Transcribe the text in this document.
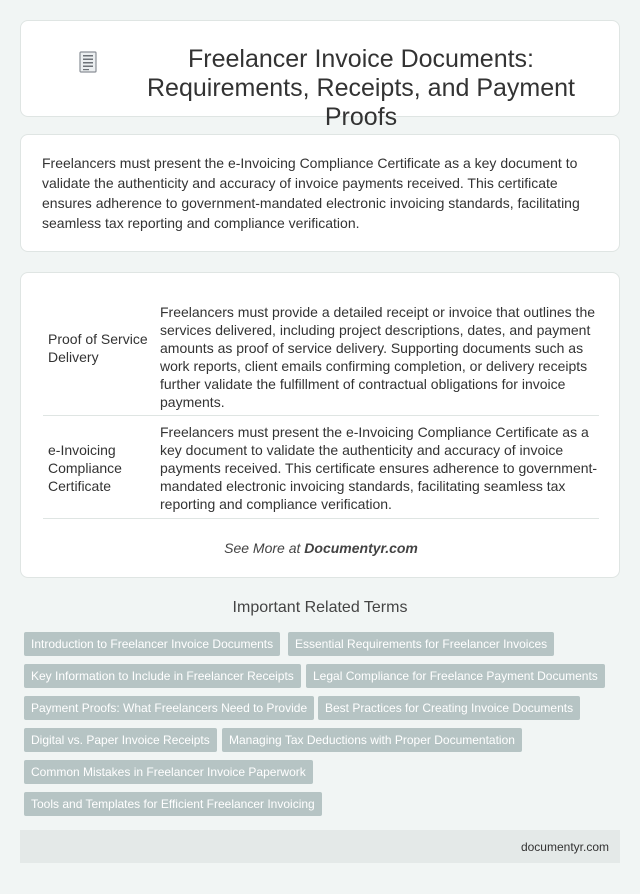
Freelancer Invoice Documents: Requirements, Receipts, and Payment Proofs

Freelancers must present the e-Invoicing Compliance Certificate as a key document to validate the authenticity and accuracy of invoice payments received. This certificate ensures adherence to government-mandated electronic invoicing standards, facilitating seamless tax reporting and compliance verification.

Proof of Service Delivery
Freelancers must provide a detailed receipt or invoice that outlines the services delivered, including project descriptions, dates, and payment amounts as proof of service delivery. Supporting documents such as work reports, client emails confirming completion, or delivery receipts further validate the fulfillment of contractual obligations for invoice payments.
e-Invoicing Compliance Certificate
Freelancers must present the e-Invoicing Compliance Certificate as a key document to validate the authenticity and accuracy of invoice payments received. This certificate ensures adherence to government-mandated electronic invoicing standards, facilitating seamless tax reporting and compliance verification.
See More at Documentyr.com
Important Related Terms
Introduction to Freelancer Invoice Documents	Essential Requirements for Freelancer Invoices
Key Information to Include in Freelancer Receipts	Legal Compliance for Freelance Payment Documents
Payment Proofs: What Freelancers Need to Provide	Best Practices for Creating Invoice Documents
Digital vs. Paper Invoice Receipts	Managing Tax Deductions with Proper Documentation
Common Mistakes in Freelancer Invoice Paperwork
Tools and Templates for Efficient Freelancer Invoicing
documentyr.com
